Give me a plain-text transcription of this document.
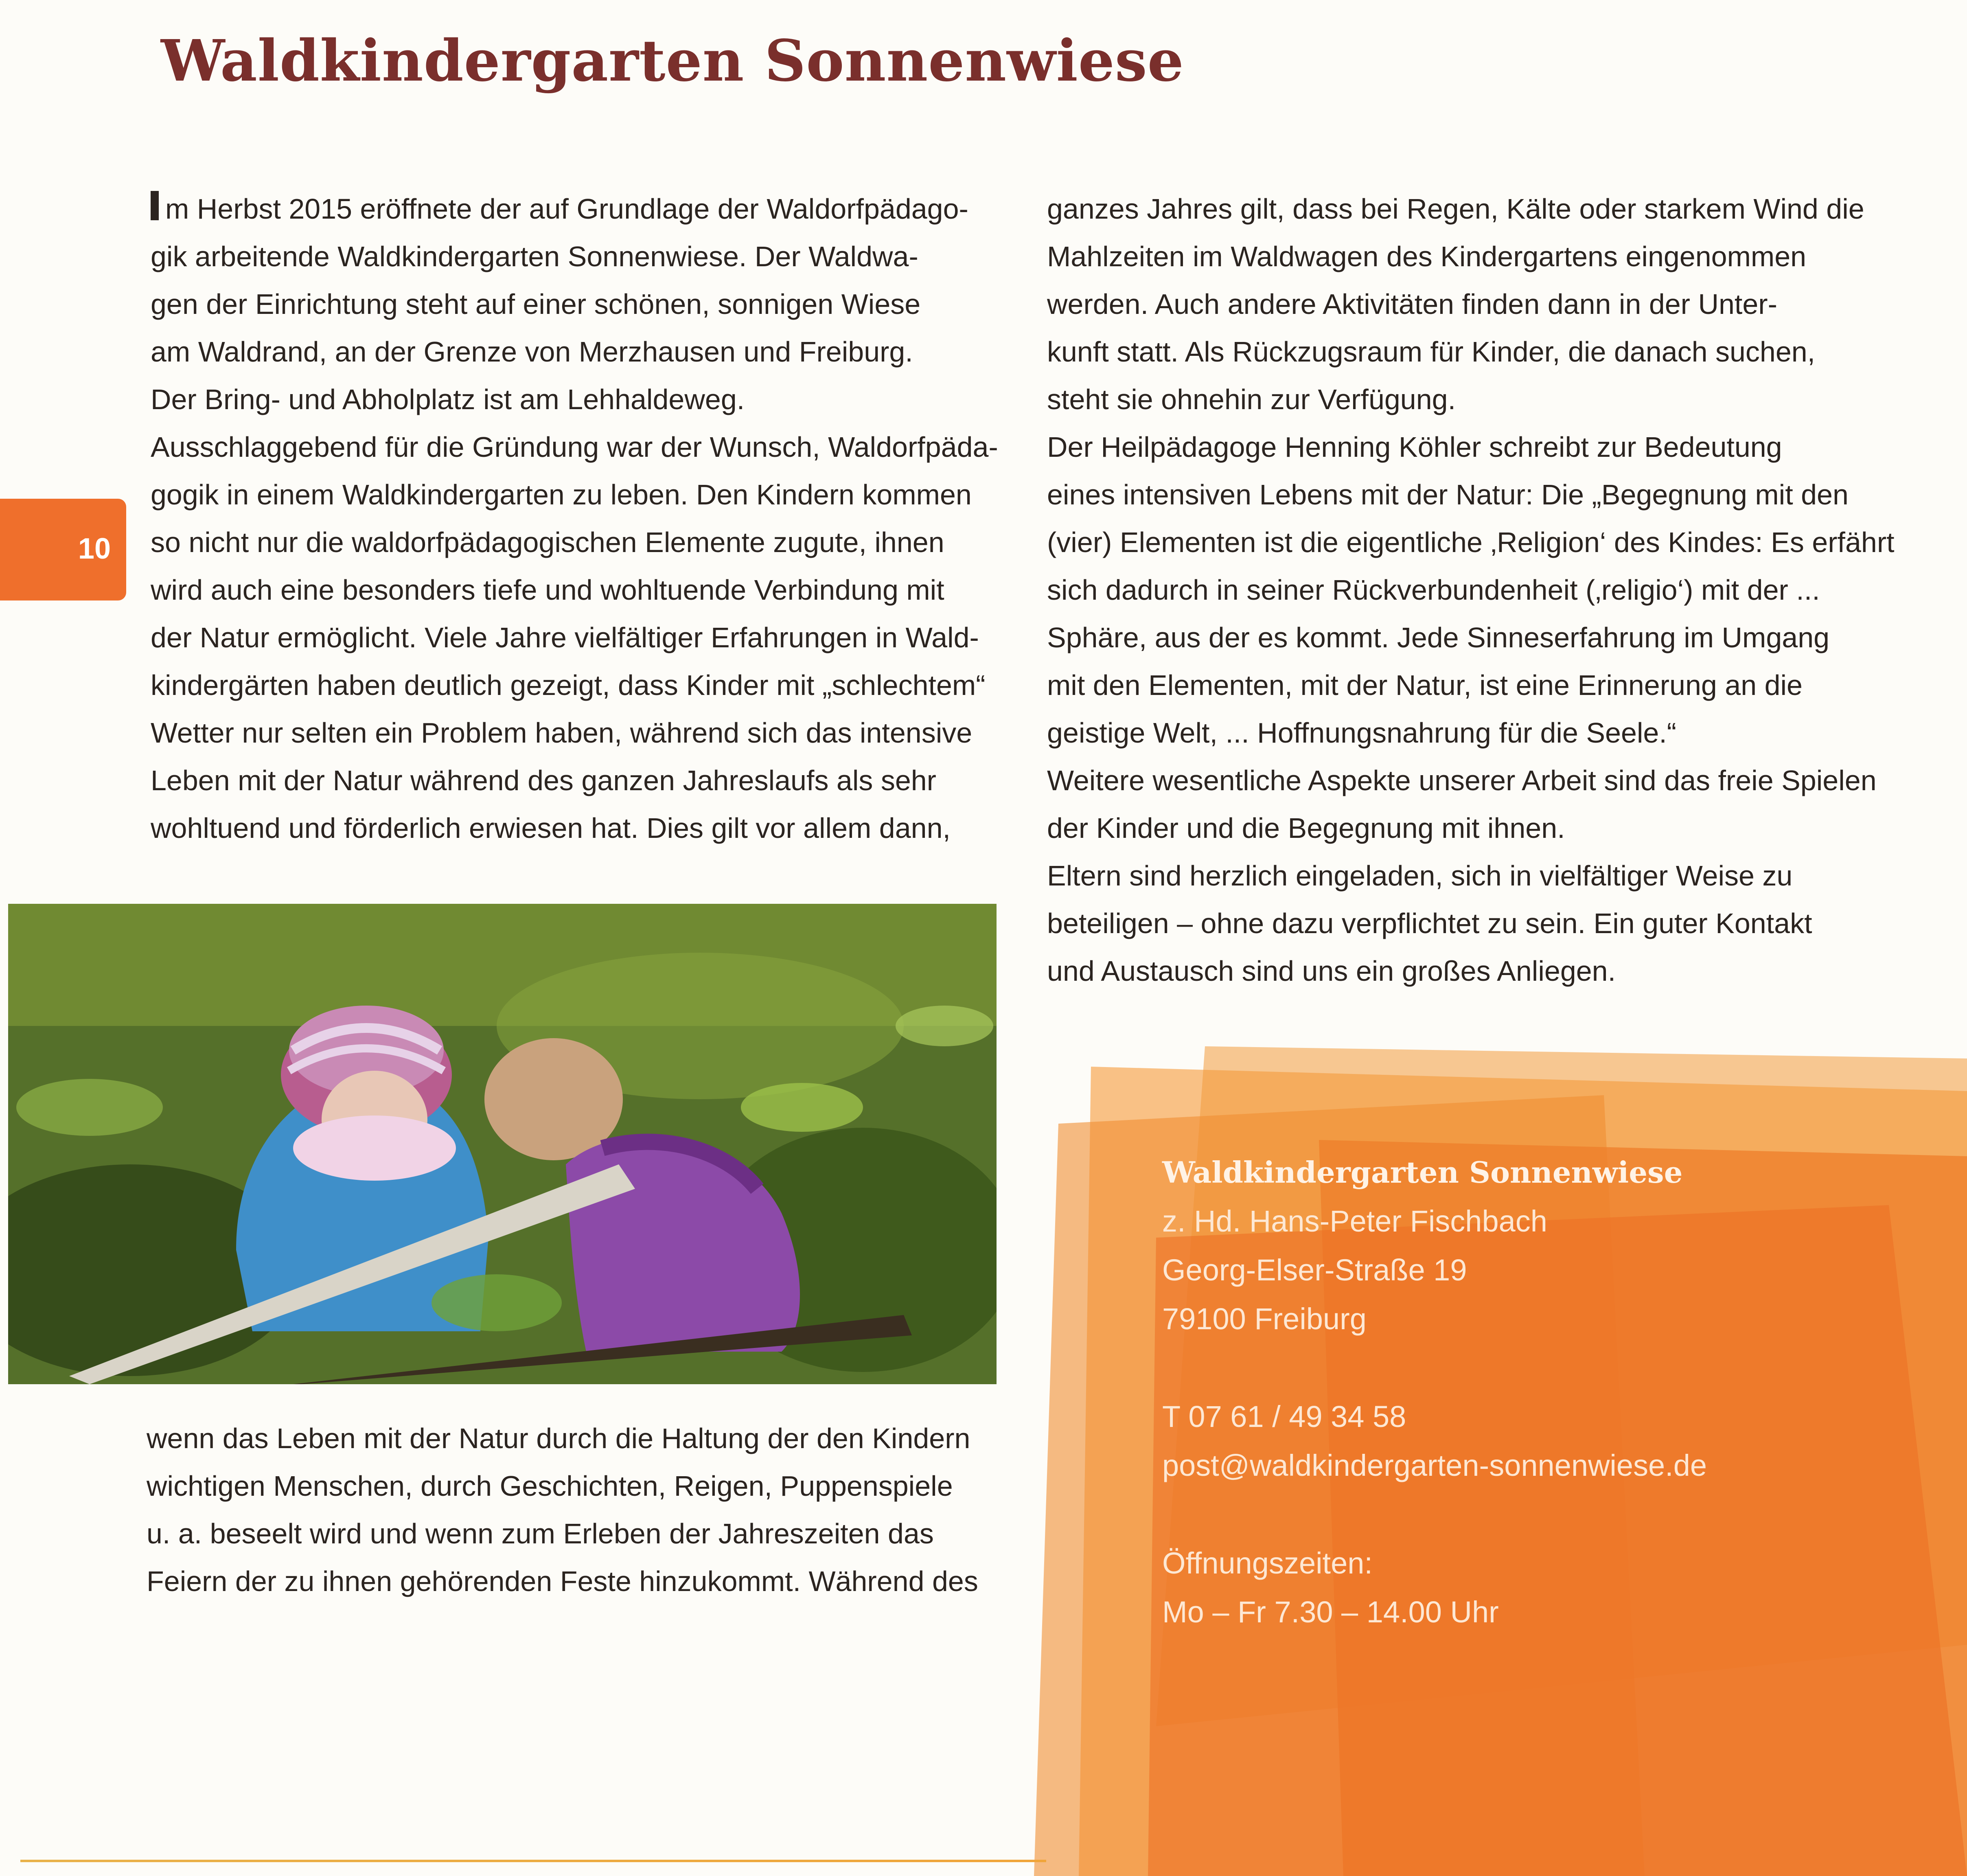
Waldkindergarten Sonnenwiese
10

m Herbst 2015 eröffnete der auf Grundlage der Waldorfpädago-

gik arbeitende Waldkindergarten Sonnenwiese. Der Waldwa-

gen der Einrichtung steht auf einer schönen, sonnigen Wiese

am Waldrand, an der Grenze von Merzhausen und Freiburg.

Der Bring- und Abholplatz ist am Lehhaldeweg.

Ausschlaggebend für die Gründung war der Wunsch, Waldorfpäda-

gogik in einem Waldkindergarten zu leben. Den Kindern kommen

so nicht nur die waldorfpädagogischen Elemente zugute, ihnen

wird auch eine besonders tiefe und wohltuende Verbindung mit

der Natur ermöglicht. Viele Jahre vielfältiger Erfahrungen in Wald-

kindergärten haben deutlich gezeigt, dass Kinder mit „schlechtem“

Wetter nur selten ein Problem haben, während sich das intensive

Leben mit der Natur während des ganzen Jahreslaufs als sehr

wohltuend und förderlich erwiesen hat. Dies gilt vor allem dann,

wenn das Leben mit der Natur durch die Haltung der den Kindern

wichtigen Menschen, durch Geschichten, Reigen, Puppenspiele

u. a. beseelt wird und wenn zum Erleben der Jahreszeiten das

Feiern der zu ihnen gehörenden Feste hinzukommt. Während des

ganzes Jahres gilt, dass bei Regen, Kälte oder starkem Wind die

Mahlzeiten im Waldwagen des Kindergartens eingenommen

werden. Auch andere Aktivitäten finden dann in der Unter-

kunft statt. Als Rückzugsraum für Kinder, die danach suchen,

steht sie ohnehin zur Verfügung.

Der Heilpädagoge Henning Köhler schreibt zur Bedeutung

eines intensiven Lebens mit der Natur: Die „Begegnung mit den

(vier) Elementen ist die eigentliche ‚Religion‘ des Kindes: Es erfährt

sich dadurch in seiner Rückverbundenheit (‚religio‘) mit der ...

Sphäre, aus der es kommt. Jede Sinneserfahrung im Umgang

mit den Elementen, mit der Natur, ist eine Erinnerung an die

geistige Welt, ... Hoffnungsnahrung für die Seele.“

Weitere wesentliche Aspekte unserer Arbeit sind das freie Spielen

der Kinder und die Begegnung mit ihnen.

Eltern sind herzlich eingeladen, sich in vielfältiger Weise zu

beteiligen – ohne dazu verpflichtet zu sein. Ein guter Kontakt

und Austausch sind uns ein großes Anliegen.

Waldkindergarten Sonnenwiese
z. Hd. Hans-Peter Fischbach
Georg-Elser-Straße 19
79100 Freiburg
T 07 61 / 49 34 58
post@waldkindergarten-sonnenwiese.de
Öffnungszeiten:
Mo – Fr 7.30 – 14.00 Uhr
